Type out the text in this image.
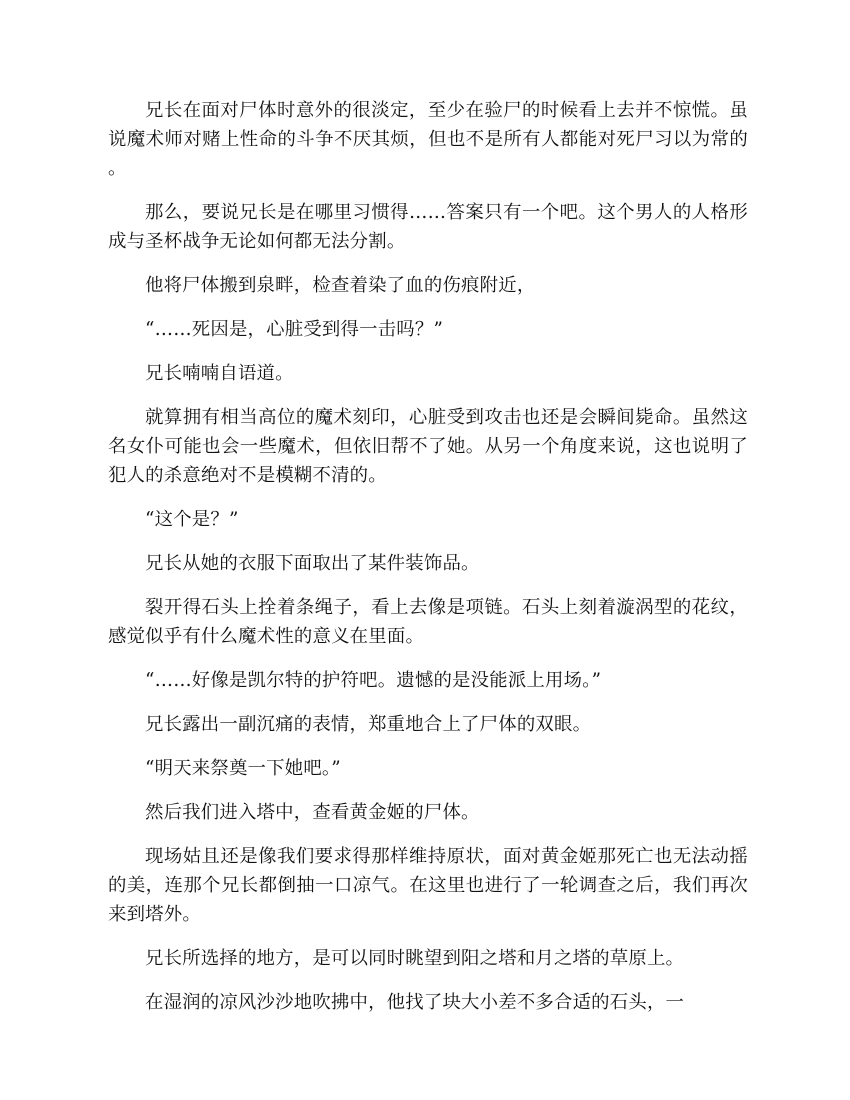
兄长在面对尸体时意外的很淡定，至少在验尸的时候看上去并不惊慌。虽说魔术师对赌上性命的斗争不厌其烦，但也不是所有人都能对死尸习以为常的。

那么，要说兄长是在哪里习惯得……答案只有一个吧。这个男人的人格形成与圣杯战争无论如何都无法分割。

他将尸体搬到泉畔，检查着染了血的伤痕附近，

“……死因是，心脏受到得一击吗？”

兄长喃喃自语道。

就算拥有相当高位的魔术刻印，心脏受到攻击也还是会瞬间毙命。虽然这名女仆可能也会一些魔术，但依旧帮不了她。从另一个角度来说，这也说明了犯人的杀意绝对不是模糊不清的。

“这个是？”

兄长从她的衣服下面取出了某件装饰品。

裂开得石头上拴着条绳子，看上去像是项链。石头上刻着漩涡型的花纹，感觉似乎有什么魔术性的意义在里面。

“……好像是凯尔特的护符吧。遗憾的是没能派上用场。”

兄长露出一副沉痛的表情，郑重地合上了尸体的双眼。

“明天来祭奠一下她吧。”

然后我们进入塔中，查看黄金姬的尸体。

现场姑且还是像我们要求得那样维持原状，面对黄金姬那死亡也无法动摇的美，连那个兄长都倒抽一口凉气。在这里也进行了一轮调查之后，我们再次来到塔外。

兄长所选择的地方，是可以同时眺望到阳之塔和月之塔的草原上。

在湿润的凉风沙沙地吹拂中，他找了块大小差不多合适的石头，一
